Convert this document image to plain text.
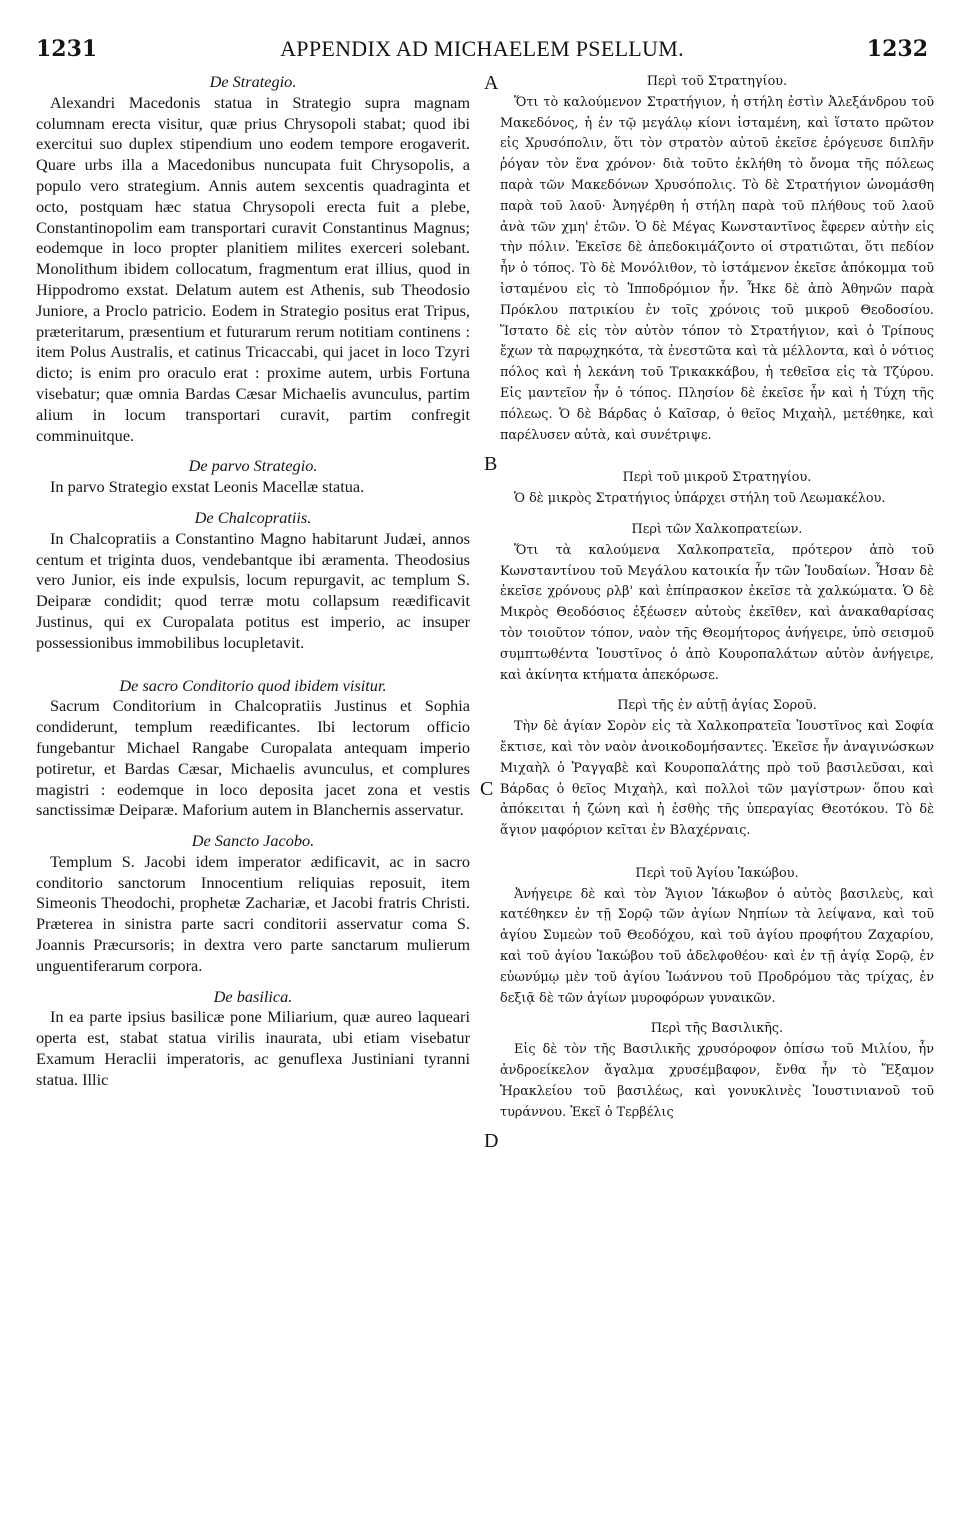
1231	APPENDIX AD MICHAELEM PSELLUM.	1232

De Strategio.

Alexandri Macedonis statua in Strategio supra magnam columnam erecta visitur, quæ prius Chrysopoli stabat; quod ibi exercitui suo duplex stipendium uno eodem tempore erogaverit. Quare urbs illa a Macedonibus nuncupata fuit Chrysopolis, a populo vero strategium. Annis autem sexcentis quadraginta et octo, postquam hæc statua Chrysopoli erecta fuit a plebe, Constantinopolim eam transportari curavit Constantinus Magnus; eodemque in loco propter planitiem milites exerceri solebant. Monolithum ibidem collocatum, fragmentum erat illius, quod in Hippodromo exstat. Delatum autem est Athenis, sub Theodosio Juniore, a Proclo patricio. Eodem in Strategio positus erat Tripus, præteritarum, præsentium et futurarum rerum notitiam continens : item Polus Australis, et catinus Tricaccabi, qui jacet in loco Tzyri dicto; is enim pro oraculo erat : proxime autem, urbis Fortuna visebatur; quæ omnia Bardas Cæsar Michaelis avunculus, partim alium in locum transportari curavit, partim confregit comminuitque.

De parvo Strategio.

In parvo Strategio exstat Leonis Macellæ statua.

De Chalcopratiis.

In Chalcopratiis a Constantino Magno habitarunt Judæi, annos centum et triginta duos, vendebantque ibi æramenta. Theodosius vero Junior, eis inde expulsis, locum repurgavit, ac templum S. Deiparæ condidit; quod terræ motu collapsum reædificavit Justinus, qui ex Curopalata potitus est imperio, ac insuper possessionibus immobilibus locupletavit.

De sacro Conditorio quod ibidem visitur.

Sacrum Conditorium in Chalcopratiis Justinus et Sophia condiderunt, templum reædificantes. Ibi lectorum officio fungebantur Michael Rangabe Curopalata antequam imperio potiretur, et Bardas Cæsar, Michaelis avunculus, et complures magistri : eodemque in loco deposita jacet zona et vestis sanctissimæ Deiparæ. Maforium autem in Blanchernis asservatur.

De Sancto Jacobo.

Templum S. Jacobi idem imperator ædificavit, ac in sacro conditorio sanctorum Innocentium reliquias reposuit, item Simeonis Theodochi, prophetæ Zachariæ, et Jacobi fratris Christi. Præterea in sinistra parte sacri conditorii asservatur coma S. Joannis Præcursoris; in dextra vero parte sanctarum mulierum unguentiferarum corpora.

De basilica.

In ea parte ipsius basilicæ pone Miliarium, quæ aureo laqueari operta est, stabat statua virilis inaurata, ubi etiam visebatur Examum Heraclii imperatoris, ac genuflexa Justiniani tyranni statua. Illic

Περὶ τοῦ Στρατηγίου.

Ὅτι τὸ καλούμενον Στρατήγιον, ἡ στήλη ἐστὶν Ἀλεξάνδρου τοῦ Μακεδόνος, ἡ ἐν τῷ μεγάλῳ κίονι ἱσταμένη, καὶ ἵστατο πρῶτον εἰς Χρυσόπολιν, ὅτι τὸν στρατὸν αὐτοῦ ἐκεῖσε ἐρόγευσε διπλῆν ῥόγαν τὸν ἕνα χρόνον· διὰ τοῦτο ἐκλήθη τὸ ὄνομα τῆς πόλεως παρὰ τῶν Μακεδόνων Χρυσόπολις. Τὸ δὲ Στρατήγιον ὠνομάσθη παρὰ τοῦ λαοῦ· Ἀνηγέρθη ἡ στήλη παρὰ τοῦ πλήθους τοῦ λαοῦ ἀνὰ τῶν χμη' ἐτῶν. Ὁ δὲ Μέγας Κωνσταντῖνος ἔφερεν αὐτὴν εἰς τὴν πόλιν. Ἐκεῖσε δὲ ἀπεδοκιμάζοντο οἱ στρατιῶται, ὅτι πεδίον ἦν ὁ τόπος. Τὸ δὲ Μονόλιθον, τὸ ἱστάμενον ἐκεῖσε ἀπόκομμα τοῦ ἱσταμένου εἰς τὸ Ἱπποδρόμιον ἦν. Ἧκε δὲ ἀπὸ Ἀθηνῶν παρὰ Πρόκλου πατρικίου ἐν τοῖς χρόνοις τοῦ μικροῦ Θεοδοσίου. Ἵστατο δὲ εἰς τὸν αὐτὸν τόπον τὸ Στρατήγιον, καὶ ὁ Τρίπους ἔχων τὰ παρῳχηκότα, τὰ ἐνεστῶτα καὶ τὰ μέλλοντα, καὶ ὁ νότιος πόλος καὶ ἡ λεκάνη τοῦ Τρικακκάβου, ἡ τεθεῖσα εἰς τὰ Τζύρου. Εἰς μαντεῖον ἦν ὁ τόπος. Πλησίον δὲ ἐκεῖσε ἦν καὶ ἡ Τύχη τῆς πόλεως. Ὁ δὲ Βάρδας ὁ Καῖσαρ, ὁ θεῖος Μιχαὴλ, μετέθηκε, καὶ παρέλυσεν αὐτὰ, καὶ συνέτριψε.

Περὶ τοῦ μικροῦ Στρατηγίου.

Ὁ δὲ μικρὸς Στρατήγιος ὑπάρχει στήλη τοῦ Λεωμακέλου.

Περὶ τῶν Χαλκοπρατείων.

Ὅτι τὰ καλούμενα Χαλκοπρατεῖα, πρότερον ἀπὸ τοῦ Κωνσταντίνου τοῦ Μεγάλου κατοικία ἦν τῶν Ἰουδαίων. Ἦσαν δὲ ἐκεῖσε χρόνους ρλβ' καὶ ἐπίπρασκον ἐκεῖσε τὰ χαλκώματα. Ὁ δὲ Μικρὸς Θεοδόσιος ἐξέωσεν αὐτοὺς ἐκεῖθεν, καὶ ἀνακαθαρίσας τὸν τοιοῦτον τόπον, ναὸν τῆς Θεομήτορος ἀνήγειρε, ὑπὸ σεισμοῦ συμπτωθέντα Ἰουστῖνος ὁ ἀπὸ Κουροπαλάτων αὐτὸν ἀνήγειρε, καὶ ἀκίνητα κτήματα ἀπεκόρωσε.

Περὶ τῆς ἐν αὐτῇ ἁγίας Σοροῦ.

Τὴν δὲ ἁγίαν Σορὸν εἰς τὰ Χαλκοπρατεῖα Ἰουστῖνος καὶ Σοφία ἔκτισε, καὶ τὸν ναὸν ἀνοικοδομήσαντες. Ἐκεῖσε ἦν ἀναγινώσκων Μιχαὴλ ὁ Ῥαγγαβὲ καὶ Κουροπαλάτης πρὸ τοῦ βασιλεῦσαι, καὶ Βάρδας ὁ θεῖος Μιχαὴλ, καὶ πολλοὶ τῶν μαγίστρων· ὅπου καὶ ἀπόκειται ἡ ζώνη καὶ ἡ ἐσθὴς τῆς ὑπεραγίας Θεοτόκου. Τὸ δὲ ἅγιον μαφόριον κεῖται ἐν Βλαχέρναις.

Περὶ τοῦ Ἁγίου Ἰακώβου.

Ἀνήγειρε δὲ καὶ τὸν Ἅγιον Ἰάκωβον ὁ αὐτὸς βασιλεὺς, καὶ κατέθηκεν ἐν τῇ Σορῷ τῶν ἁγίων Νηπίων τὰ λείψανα, καὶ τοῦ ἁγίου Συμεὼν τοῦ Θεοδόχου, καὶ τοῦ ἁγίου προφήτου Ζαχαρίου, καὶ τοῦ ἁγίου Ἰακώβου τοῦ ἀδελφοθέου· καὶ ἐν τῇ ἁγίᾳ Σορῷ, ἐν εὐωνύμῳ μὲν τοῦ ἁγίου Ἰωάννου τοῦ Προδρόμου τὰς τρίχας, ἐν δεξιᾷ δὲ τῶν ἁγίων μυροφόρων γυναικῶν.

Περὶ τῆς Βασιλικῆς.

Εἰς δὲ τὸν τῆς Βασιλικῆς χρυσόροφον ὀπίσω τοῦ Μιλίου, ἦν ἀνδροείκελον ἄγαλμα χρυσέμβαφον, ἔνθα ἦν τὸ Ἔξαμον Ἡρακλείου τοῦ βασιλέως, καὶ γονυκλινὲς Ἰουστινιανοῦ τοῦ τυράννου. Ἐκεῖ ὁ Τερβέλις

A
B
C
D
